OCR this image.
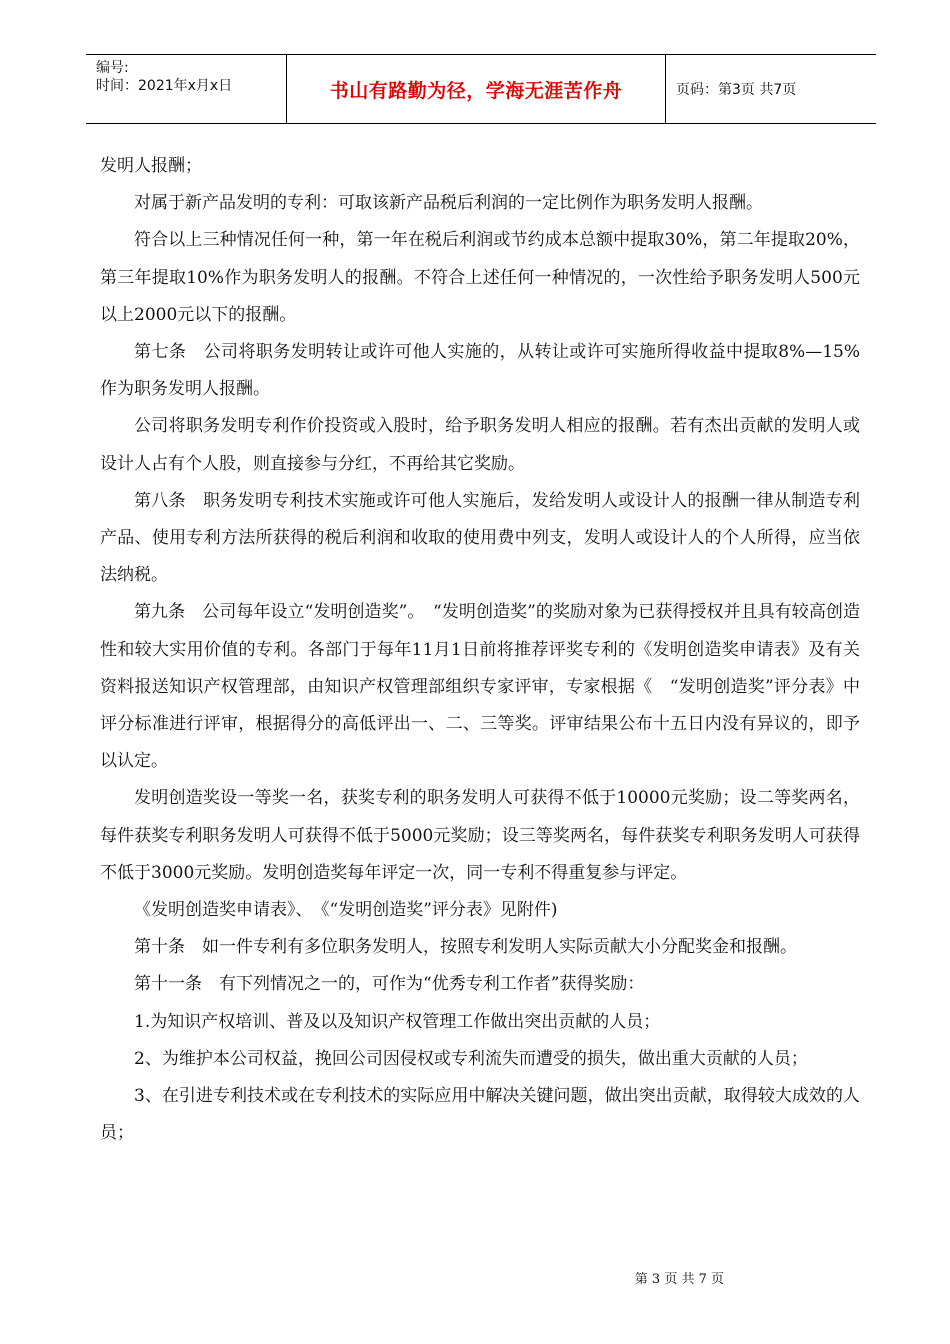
编号:
时间：2021年x月x日	书山有路勤为径，学海无涯苦作舟	页码：第3页 共7页

发明人报酬；

对属于新产品发明的专利：可取该新产品税后利润的一定比例作为职务发明人报酬。

符合以上三种情况任何一种，第一年在税后利润或节约成本总额中提取30%，第二年提取20%，第三年提取10%作为职务发明人的报酬。不符合上述任何一种情况的，一次性给予职务发明人500元以上2000元以下的报酬。

第七条　公司将职务发明转让或许可他人实施的，从转让或许可实施所得收益中提取8%—15%作为职务发明人报酬。

公司将职务发明专利作价投资或入股时，给予职务发明人相应的报酬。若有杰出贡献的发明人或设计人占有个人股，则直接参与分红，不再给其它奖励。

第八条　职务发明专利技术实施或许可他人实施后，发给发明人或设计人的报酬一律从制造专利产品、使用专利方法所获得的税后利润和收取的使用费中列支，发明人或设计人的个人所得，应当依法纳税。

第九条　公司每年设立“发明创造奖”。　“发明创造奖”的奖励对象为已获得授权并且具有较高创造性和较大实用价值的专利。各部门于每年11月1日前将推荐评奖专利的《发明创造奖申请表》及有关资料报送知识产权管理部，由知识产权管理部组织专家评审，专家根据《　“发明创造奖”评分表》中评分标准进行评审，根据得分的高低评出一、二、三等奖。评审结果公布十五日内没有异议的，即予以认定。

发明创造奖设一等奖一名，获奖专利的职务发明人可获得不低于10000元奖励；设二等奖两名，每件获奖专利职务发明人可获得不低于5000元奖励；设三等奖两名，每件获奖专利职务发明人可获得不低于3000元奖励。发明创造奖每年评定一次，同一专利不得重复参与评定。

《发明创造奖申请表》、　《“发明创造奖”评分表》见附件)

第十条　如一件专利有多位职务发明人，按照专利发明人实际贡献大小分配奖金和报酬。

第十一条　有下列情况之一的，可作为“优秀专利工作者”获得奖励：

1.为知识产权培训、普及以及知识产权管理工作做出突出贡献的人员；

2、为维护本公司权益，挽回公司因侵权或专利流失而遭受的损失，做出重大贡献的人员；

3、在引进专利技术或在专利技术的实际应用中解决关键问题，做出突出贡献，取得较大成效的人员；

第 3 页 共 7 页
